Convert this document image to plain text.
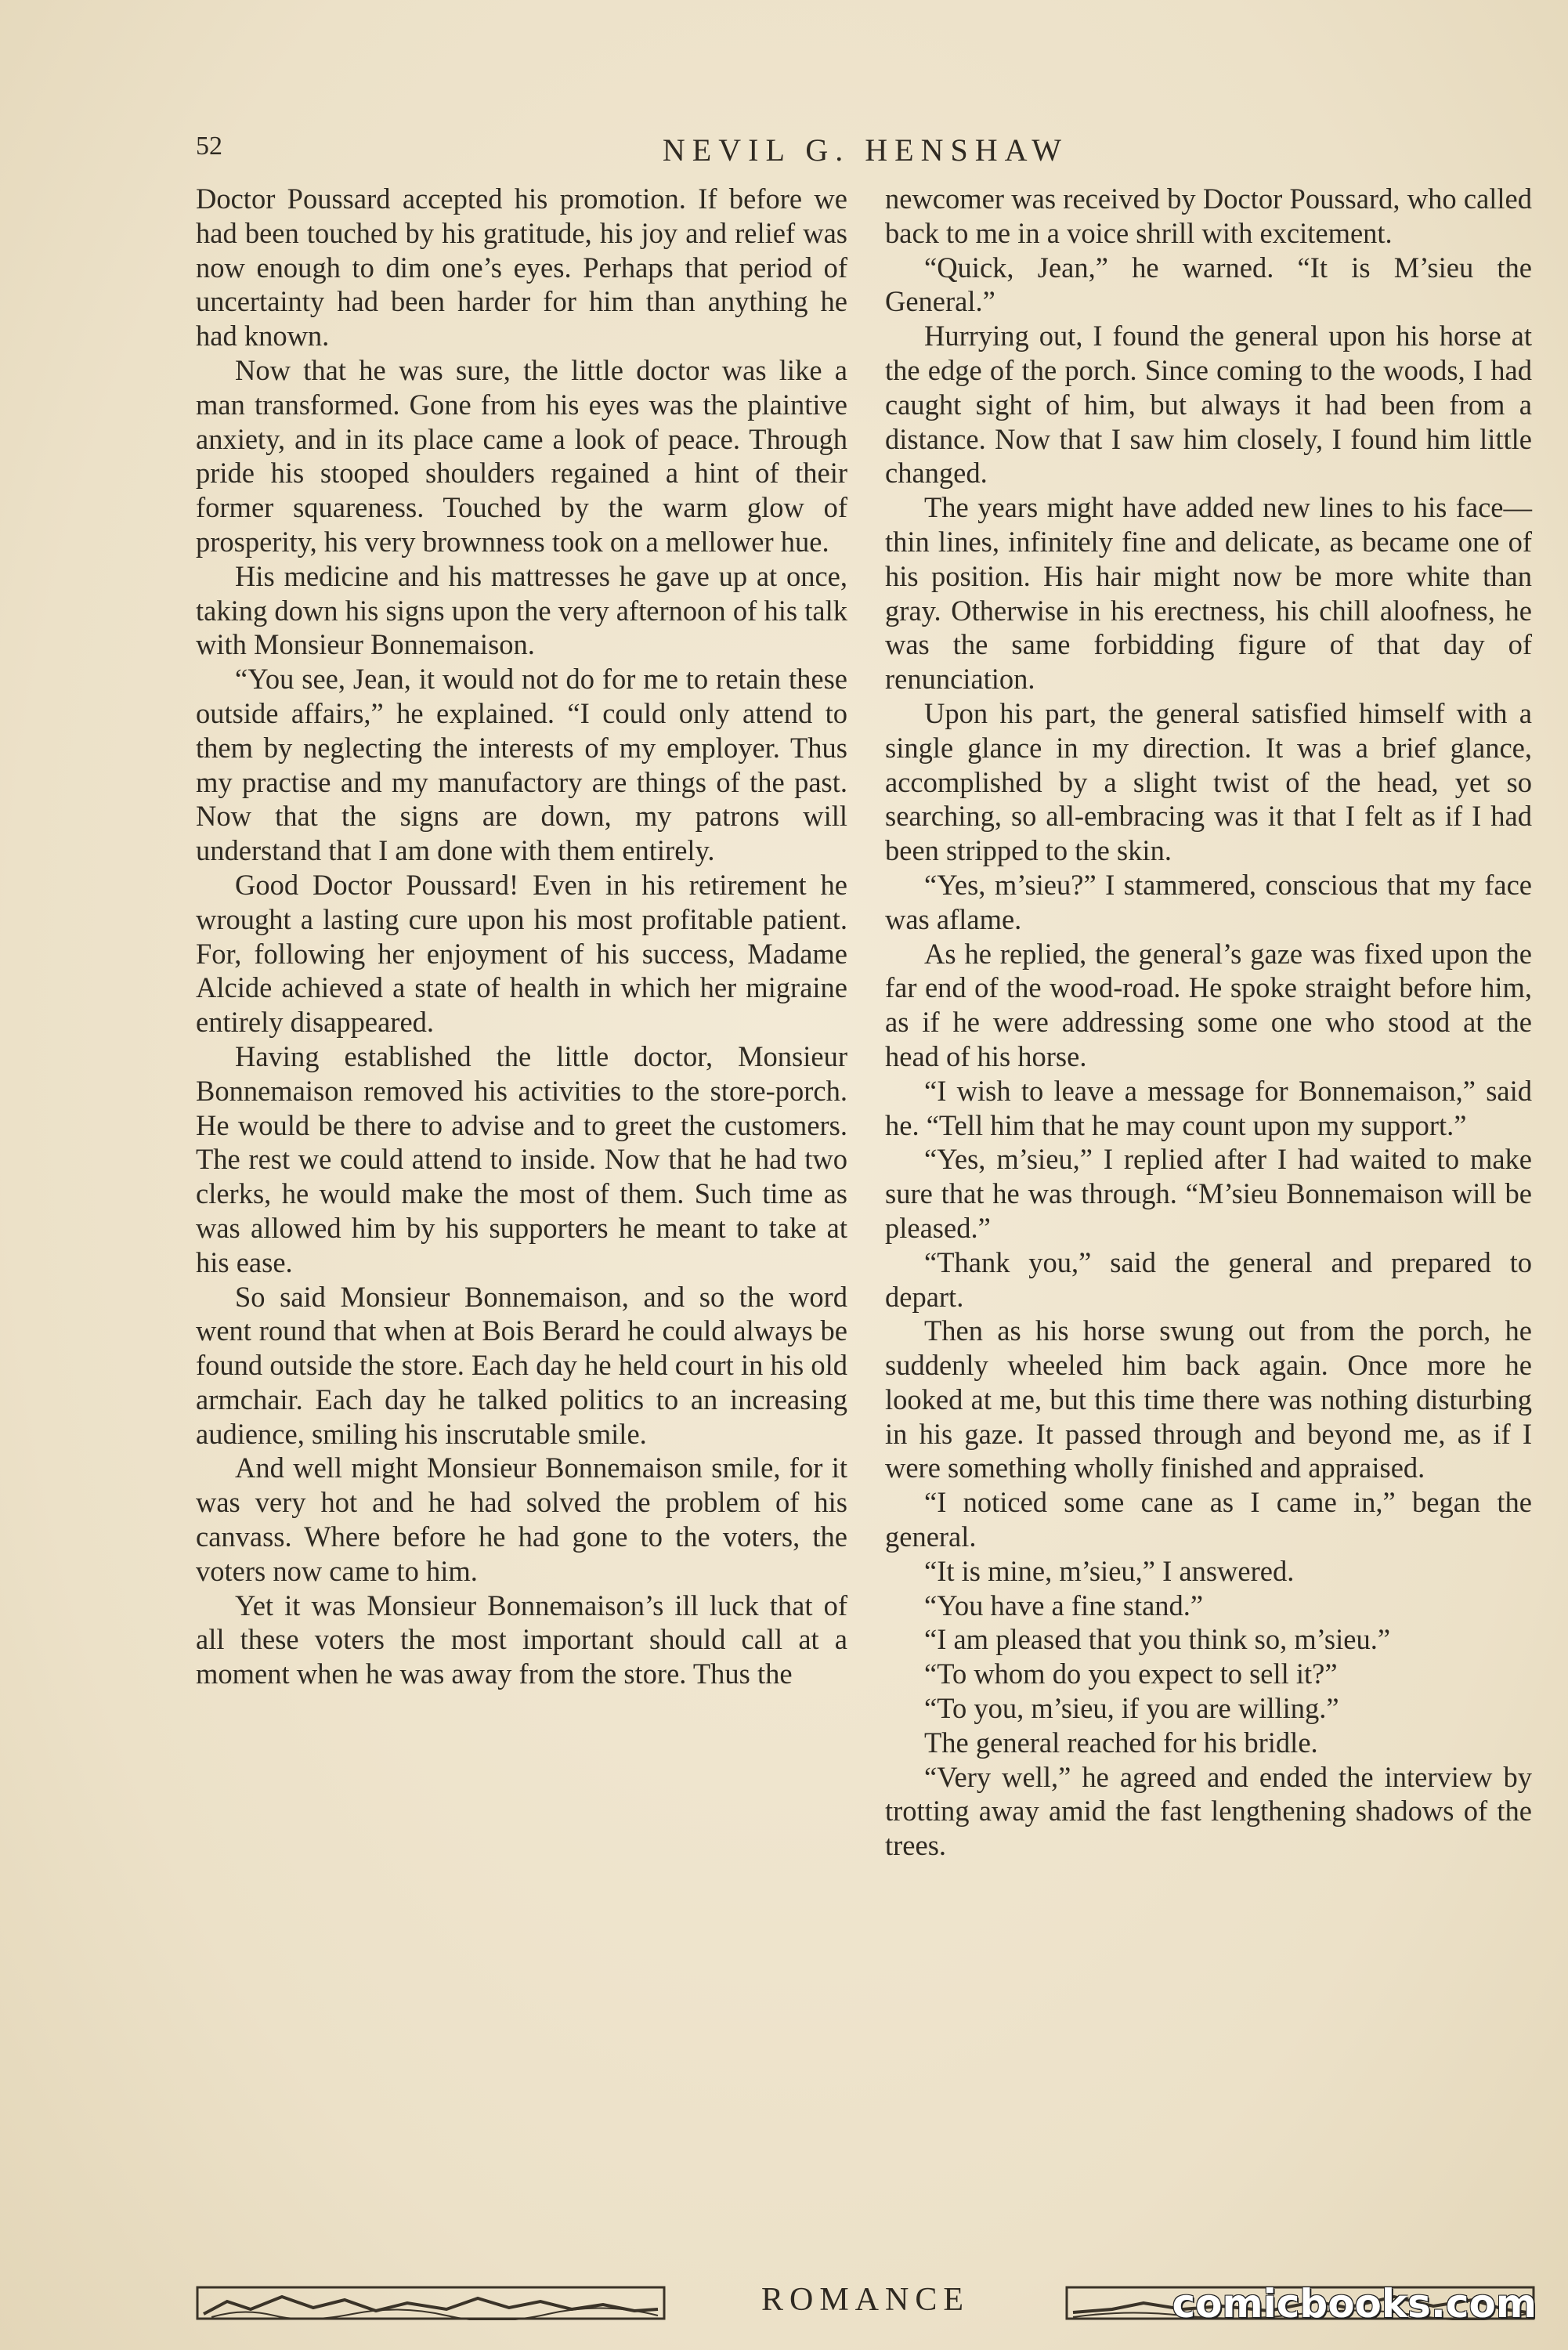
52	NEVIL G. HENSHAW

Doctor Poussard accepted his promotion. If before we had been touched by his gratitude, his joy and relief was now enough to dim one’s eyes. Perhaps that period of uncertainty had been harder for him than anything he had known.

Now that he was sure, the little doctor was like a man transformed. Gone from his eyes was the plaintive anxiety, and in its place came a look of peace. Through pride his stooped shoulders regained a hint of their former squareness. Touched by the warm glow of prosperity, his very brownness took on a mellower hue.

His medicine and his mattresses he gave up at once, taking down his signs upon the very afternoon of his talk with Monsieur Bonnemaison.

“You see, Jean, it would not do for me to retain these outside affairs,” he explained. “I could only attend to them by neglecting the interests of my employer. Thus my practise and my manufactory are things of the past. Now that the signs are down, my patrons will understand that I am done with them entirely.

Good Doctor Poussard! Even in his retirement he wrought a lasting cure upon his most profitable patient. For, following her enjoyment of his success, Madame Alcide achieved a state of health in which her migraine entirely disappeared.

Having established the little doctor, Monsieur Bonnemaison removed his activities to the store-porch. He would be there to advise and to greet the customers. The rest we could attend to inside. Now that he had two clerks, he would make the most of them. Such time as was allowed him by his supporters he meant to take at his ease.

So said Monsieur Bonnemaison, and so the word went round that when at Bois Berard he could always be found outside the store. Each day he held court in his old armchair. Each day he talked politics to an increasing audience, smiling his inscrutable smile.

And well might Monsieur Bonnemaison smile, for it was very hot and he had solved the problem of his canvass. Where before he had gone to the voters, the voters now came to him.

Yet it was Monsieur Bonnemaison’s ill luck that of all these voters the most important should call at a moment when he was away from the store. Thus the

newcomer was received by Doctor Poussard, who called back to me in a voice shrill with excitement.

“Quick, Jean,” he warned. “It is M’sieu the General.”

Hurrying out, I found the general upon his horse at the edge of the porch. Since coming to the woods, I had caught sight of him, but always it had been from a distance. Now that I saw him closely, I found him little changed.

The years might have added new lines to his face—thin lines, infinitely fine and delicate, as became one of his position. His hair might now be more white than gray. Otherwise in his erectness, his chill aloofness, he was the same forbidding figure of that day of renunciation.

Upon his part, the general satisfied himself with a single glance in my direction. It was a brief glance, accomplished by a slight twist of the head, yet so searching, so all-embracing was it that I felt as if I had been stripped to the skin.

“Yes, m’sieu?” I stammered, conscious that my face was aflame.

As he replied, the general’s gaze was fixed upon the far end of the wood-road. He spoke straight before him, as if he were addressing some one who stood at the head of his horse.

“I wish to leave a message for Bonnemaison,” said he. “Tell him that he may count upon my support.”

“Yes, m’sieu,” I replied after I had waited to make sure that he was through. “M’sieu Bonnemaison will be pleased.”

“Thank you,” said the general and prepared to depart.

Then as his horse swung out from the porch, he suddenly wheeled him back again. Once more he looked at me, but this time there was nothing disturbing in his gaze. It passed through and beyond me, as if I were something wholly finished and appraised.

“I noticed some cane as I came in,” began the general.

“It is mine, m’sieu,” I answered.

“You have a fine stand.”

“I am pleased that you think so, m’sieu.”

“To whom do you expect to sell it?”

“To you, m’sieu, if you are willing.”

The general reached for his bridle.

“Very well,” he agreed and ended the interview by trotting away amid the fast lengthening shadows of the trees.

ROMANCE	comicbooks.com
